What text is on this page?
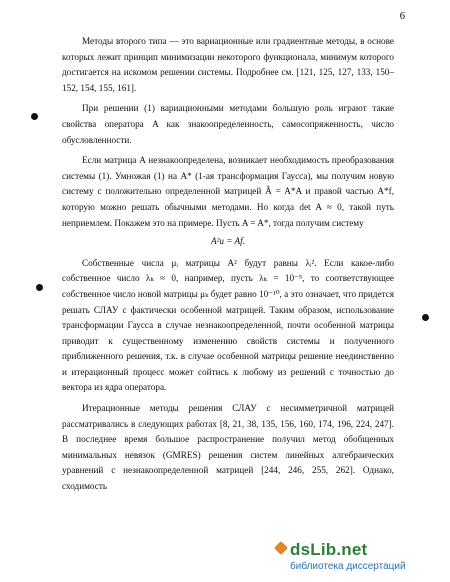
6

Методы второго типа — это вариационные или градиентные методы, в основе которых лежит принцип минимизации некоторого функционала, минимум которого достигается на искомом решении системы. Подробнее см. [121, 125, 127, 133, 150–152, 154, 155, 161].

При решении (1) вариационными методами большую роль играют такие свойства оператора A как знакоопределенность, самосопряженность, число обусловленности.

Если матрица A незнакоопределена, возникает необходимость преобразования системы (1). Умножая (1) на A* (1-ая трансформация Гаусса), мы получим новую систему с положительно определенной матрицей Â = A*A и правой частью A*f, которую можно решать обычными методами. Но когда det A ≈ 0, такой путь неприемлем. Покажем это на примере. Пусть A = A*, тогда получим систему

A²u = Af.

Собственные числа μᵢ матрицы A² будут равны λᵢ². Если какое-либо собственное число λₖ ≈ 0, например, пусть λₖ = 10⁻⁵, то соответствующее собственное число новой матрицы μₖ будет равно 10⁻¹⁰, а это означает, что придется решать СЛАУ с фактически особенной матрицей. Таким образом, использование трансформации Гаусса в случае незнакоопределенной, почти особенной матрицы приводит к существенному изменению свойств системы и полученного приближенного решения, т.к. в случае особенной матрицы решение неединственно и итерационный процесс может сойтись к любому из решений с точностью до вектора из ядра оператора.

Итерационные методы решения СЛАУ с несимметричной матрицей рассматривались в следующих работах [8, 21, 38, 135, 156, 160, 174, 196, 224, 247]. В последнее время большое распространение получил метод обобщенных минимальных невязок (GMRES) решения систем линейных алгебраических уравнений с незнакоопределенной матрицей [244, 246, 255, 262]. Однако, сходимость

dsLib.net
библиотека диссертаций
